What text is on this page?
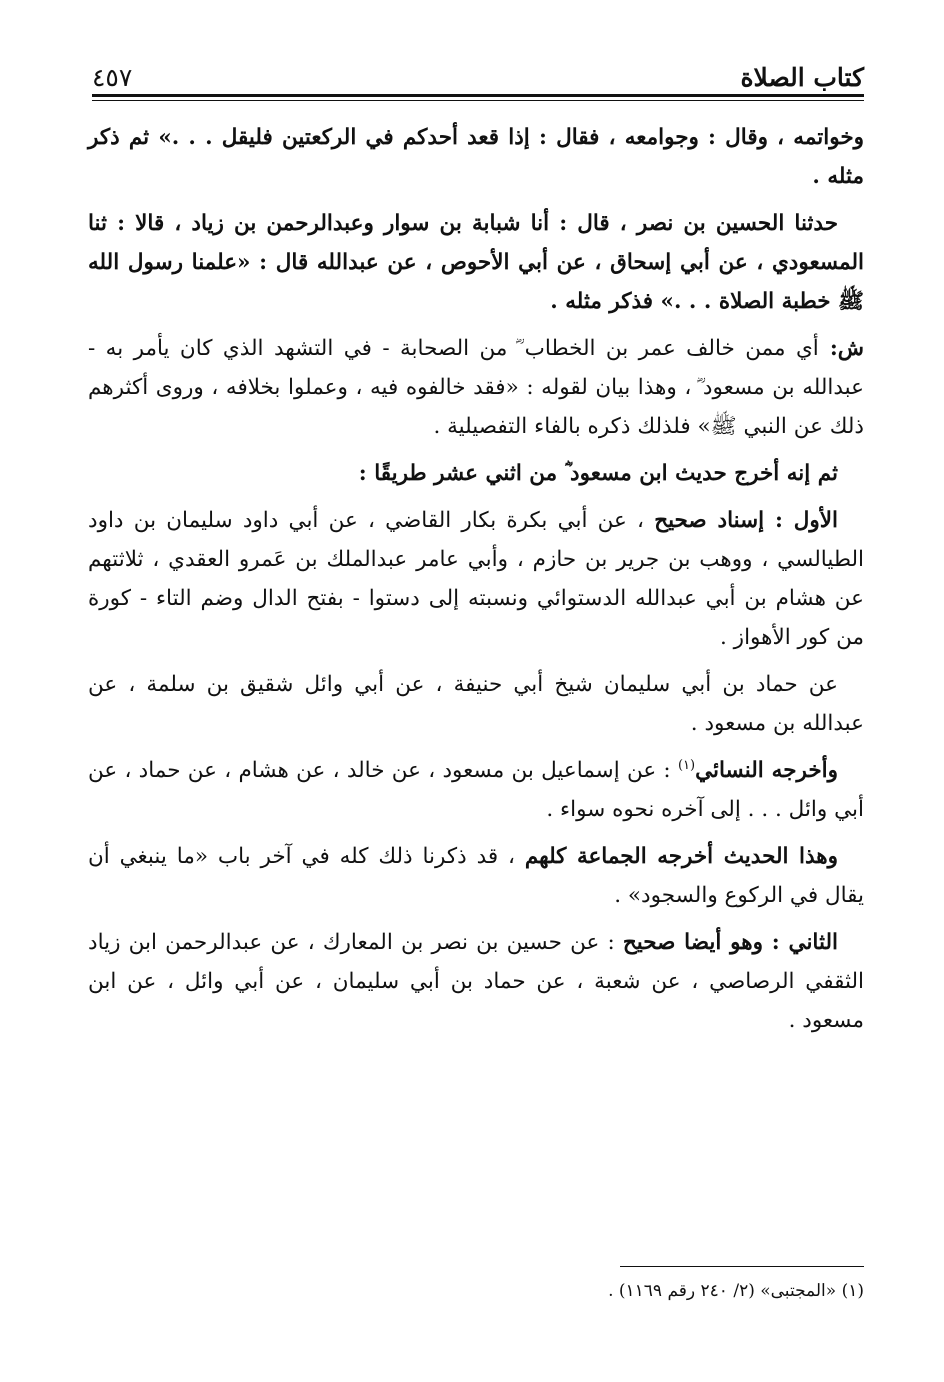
كتاب الصلاة
٤٥٧

وخواتمه ، وقال : وجوامعه ، فقال : إذا قعد أحدكم في الركعتين فليقل . . .» ثم ذكر مثله .

حدثنا الحسين بن نصر ، قال : أنا شبابة بن سوار وعبدالرحمن بن زياد ، قالا : ثنا المسعودي ، عن أبي إسحاق ، عن أبي الأحوص ، عن عبدالله قال : «علمنا رسول الله ﷺ خطبة الصلاة . . .» فذكر مثله .

ش: أي ممن خالف عمر بن الخطاب ؓ من الصحابة - في التشهد الذي كان يأمر به - عبدالله بن مسعود ؓ ، وهذا بيان لقوله : «فقد خالفوه فيه ، وعملوا بخلافه ، وروى أكثرهم ذلك عن النبي ﷺ» فلذلك ذكره بالفاء التفصيلية .

ثم إنه أخرج حديث ابن مسعود ؓ من اثني عشر طريقًا :

الأول : إسناد صحيح ، عن أبي بكرة بكار القاضي ، عن أبي داود سليمان بن داود الطيالسي ، ووهب بن جرير بن حازم ، وأبي عامر عبدالملك بن عَمرو العقدي ، ثلاثتهم عن هشام بن أبي عبدالله الدستوائي ونسبته إلى دستوا - بفتح الدال وضم التاء - كورة من كور الأهواز .

عن حماد بن أبي سليمان شيخ أبي حنيفة ، عن أبي وائل شقيق بن سلمة ، عن عبدالله بن مسعود .

وأخرجه النسائي$^{(١)}$ : عن إسماعيل بن مسعود ، عن خالد ، عن هشام ، عن حماد ، عن أبي وائل . . . إلى آخره نحوه سواء .

وهذا الحديث أخرجه الجماعة كلهم ، قد ذكرنا ذلك كله في آخر باب «ما ينبغي أن يقال في الركوع والسجود» .

الثاني : وهو أيضا صحيح : عن حسين بن نصر بن المعارك ، عن عبدالرحمن ابن زياد الثقفي الرصاصي ، عن شعبة ، عن حماد بن أبي سليمان ، عن أبي وائل ، عن ابن مسعود .

(١) «المجتبى» (٢/ ٢٤٠ رقم ١١٦٩) .
